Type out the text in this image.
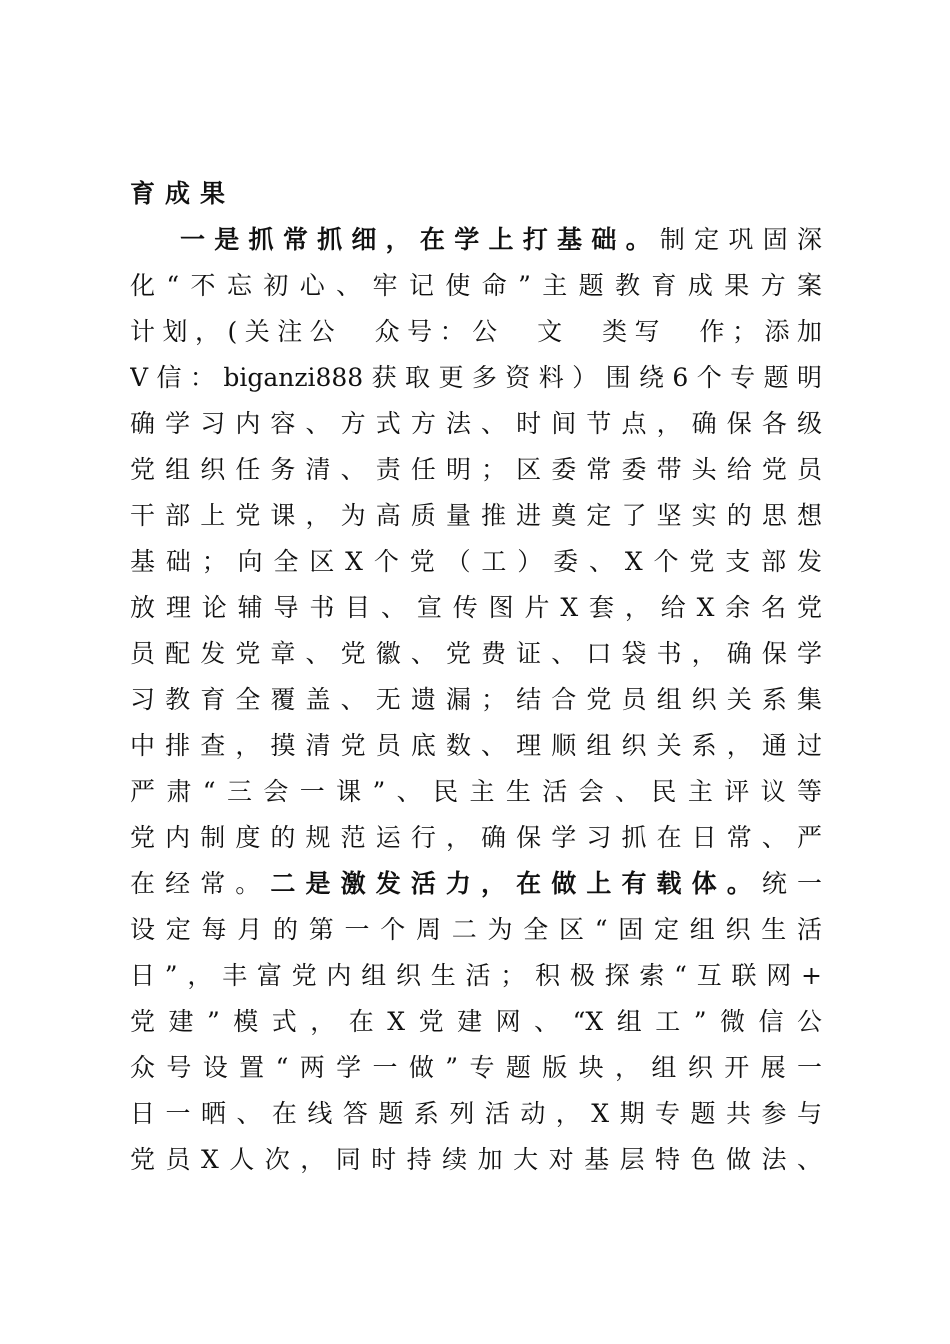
育成果
一是抓常抓细，在学上打基础。制定巩固深
化“不忘初心、牢记使命”主题教育成果方案
计划，(关注公　众号：公　文　类写　作；添加
V信：biganzi888获取更多资料）围绕6个专题明
确学习内容、方式方法、时间节点，确保各级
党组织任务清、责任明；区委常委带头给党员
干部上党课，为高质量推进奠定了坚实的思想
基础；向全区X个党（工）委、X个党支部发
放理论辅导书目、宣传图片X套，给X余名党
员配发党章、党徽、党费证、口袋书，确保学
习教育全覆盖、无遗漏；结合党员组织关系集
中排查，摸清党员底数、理顺组织关系，通过
严肃“三会一课”、民主生活会、民主评议等
党内制度的规范运行，确保学习抓在日常、严
在经常。二是激发活力，在做上有载体。统一
设定每月的第一个周二为全区“固定组织生活
日”，丰富党内组织生活；积极探索“互联网+
党建”模式，在X党建网、“X组工”微信公
众号设置“两学一做”专题版块，组织开展一
日一晒、在线答题系列活动，X期专题共参与
党员X人次，同时持续加大对基层特色做法、
